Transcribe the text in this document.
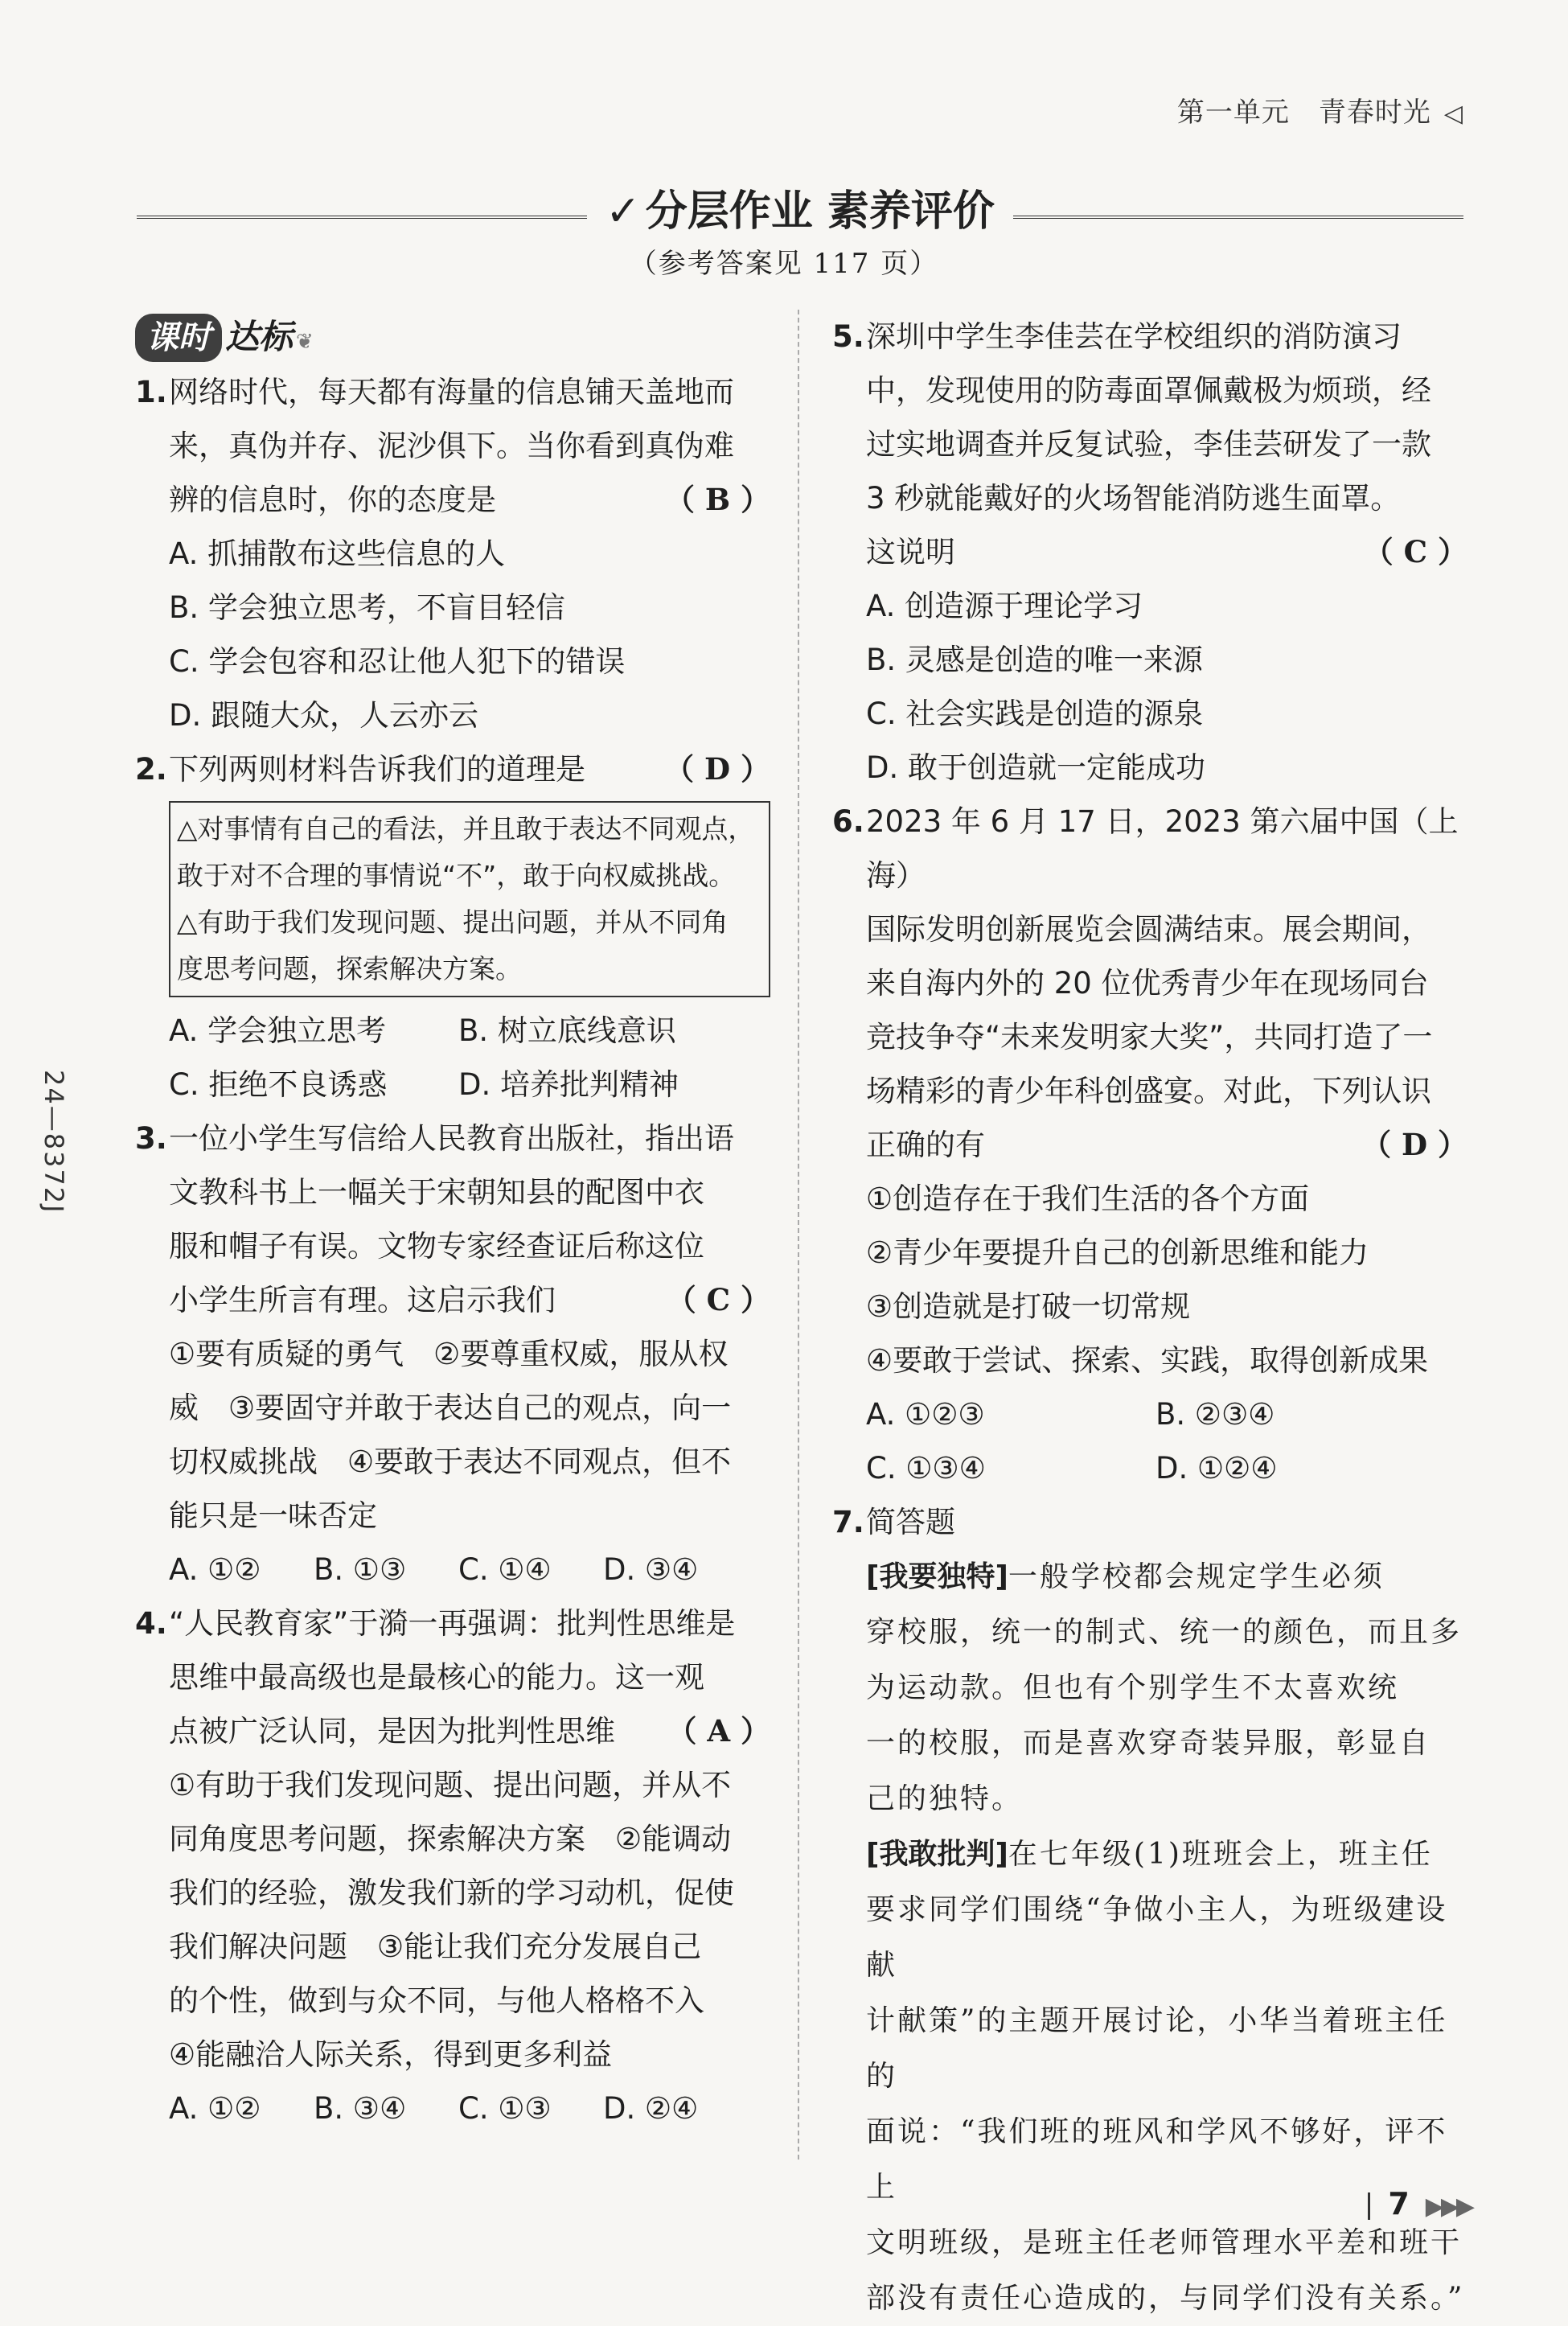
第一单元 青春时光 ◁
✓ 分层作业 素养评价
（参考答案见 117 页）
24—8372J
课时 达标 ❦
1. 网络时代，每天都有海量的信息铺天盖地而
来，真伪并存、泥沙俱下。当你看到真伪难
辨的信息时，你的态度是	（ B ）
A. 抓捕散布这些信息的人
B. 学会独立思考，不盲目轻信
C. 学会包容和忍让他人犯下的错误
D. 跟随大众，人云亦云
2. 下列两则材料告诉我们的道理是	（ D ）
△对事情有自己的看法，并且敢于表达不同观点，
敢于对不合理的事情说“不”，敢于向权威挑战。
△有助于我们发现问题、提出问题，并从不同角
度思考问题，探索解决方案。
A. 学会独立思考	B. 树立底线意识
C. 拒绝不良诱惑	D. 培养批判精神
3. 一位小学生写信给人民教育出版社，指出语
文教科书上一幅关于宋朝知县的配图中衣
服和帽子有误。文物专家经查证后称这位
小学生所言有理。这启示我们	（ C ）
①要有质疑的勇气　②要尊重权威，服从权
威　③要固守并敢于表达自己的观点，向一
切权威挑战　④要敢于表达不同观点，但不
能只是一味否定
A. ①②	B. ①③	C. ①④	D. ③④
4. “人民教育家”于漪一再强调：批判性思维是
思维中最高级也是最核心的能力。这一观
点被广泛认同，是因为批判性思维 （ A ）
①有助于我们发现问题、提出问题，并从不
同角度思考问题，探索解决方案　②能调动
我们的经验，激发我们新的学习动机，促使
我们解决问题　③能让我们充分发展自己
的个性，做到与众不同，与他人格格不入
④能融洽人际关系，得到更多利益
A. ①②	B. ③④	C. ①③	D. ②④
5. 深圳中学生李佳芸在学校组织的消防演习
中，发现使用的防毒面罩佩戴极为烦琐，经
过实地调查并反复试验，李佳芸研发了一款
3 秒就能戴好的火场智能消防逃生面罩。
这说明	（ C ）
A. 创造源于理论学习
B. 灵感是创造的唯一来源
C. 社会实践是创造的源泉
D. 敢于创造就一定能成功
6. 2023 年 6 月 17 日，2023 第六届中国（上海）
国际发明创新展览会圆满结束。展会期间，
来自海内外的 20 位优秀青少年在现场同台
竞技争夺“未来发明家大奖”，共同打造了一
场精彩的青少年科创盛宴。对此，下列认识
正确的有	（ D ）
①创造存在于我们生活的各个方面
②青少年要提升自己的创新思维和能力
③创造就是打破一切常规
④要敢于尝试、探索、实践，取得创新成果
A. ①②③	B. ②③④
C. ①③④	D. ①②④
7. 简答题
[我要独特]一般学校都会规定学生必须
穿校服，统一的制式、统一的颜色，而且多
为运动款。但也有个别学生不太喜欢统
一的校服，而是喜欢穿奇装异服，彰显自
己的独特。
[我敢批判]在七年级(1)班班会上，班主任
要求同学们围绕“争做小主人，为班级建设献
计献策”的主题开展讨论，小华当着班主任的
面说：“我们班的班风和学风不够好，评不上
文明班级，是班主任老师管理水平差和班干
部没有责任心造成的，与同学们没有关系。”
7 ▶▶▶
